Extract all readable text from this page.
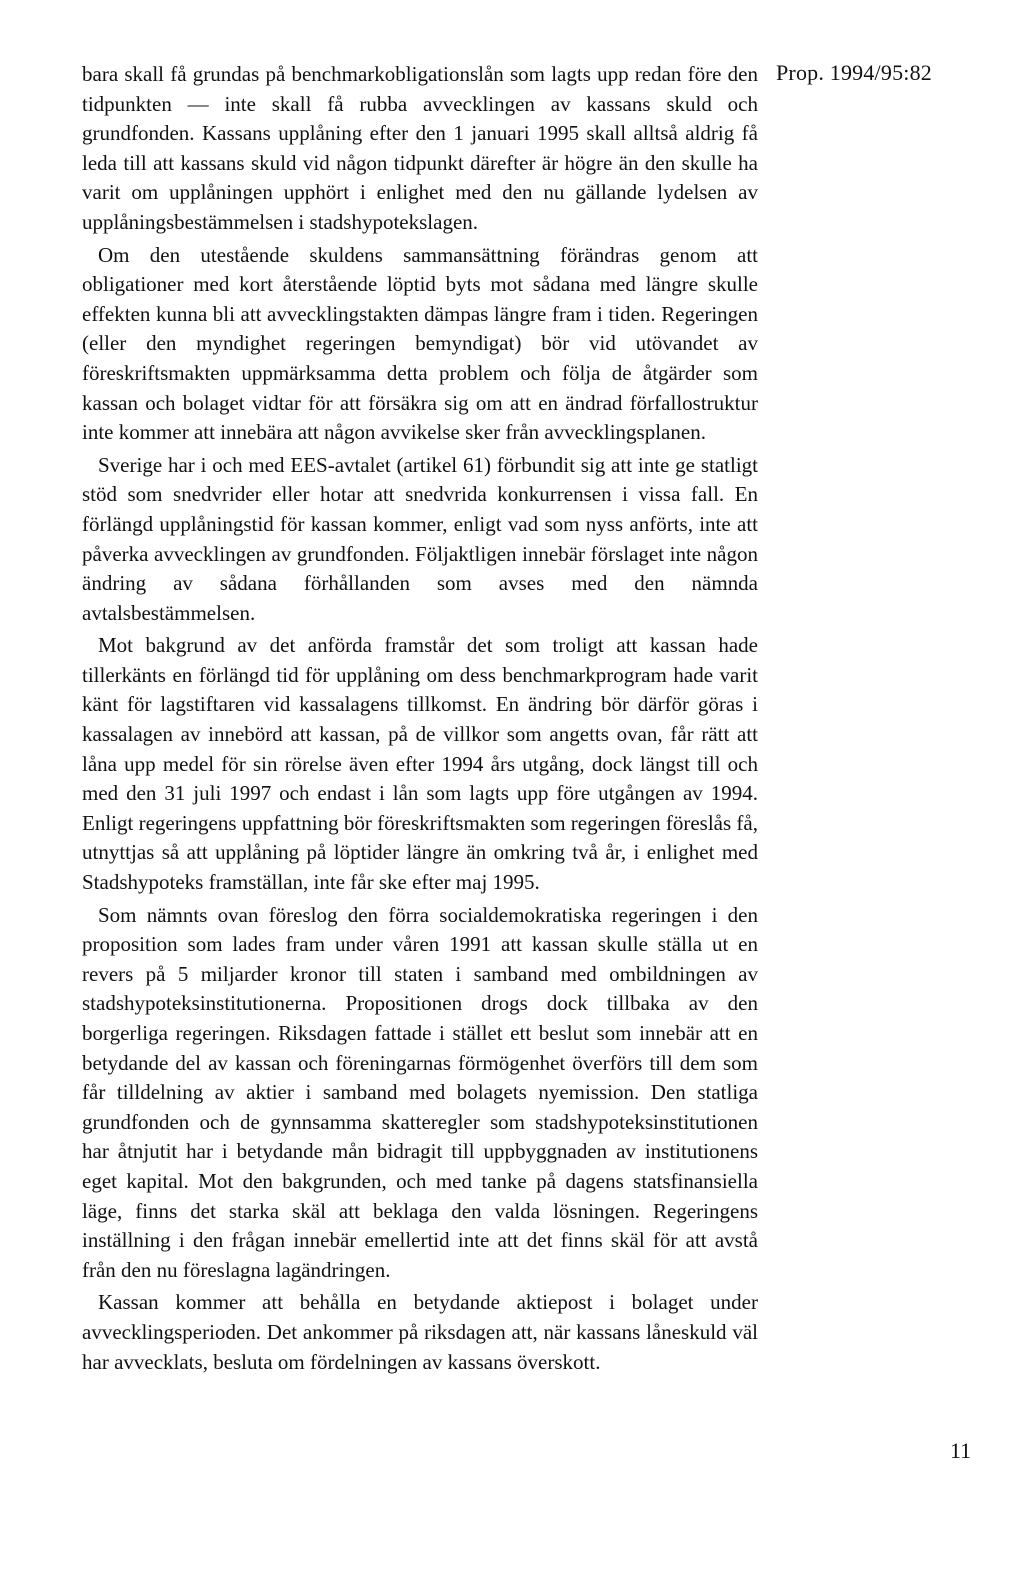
Prop. 1994/95:82

bara skall få grundas på benchmarkobligationslån som lagts upp redan före den tidpunkten — inte skall få rubba avvecklingen av kassans skuld och grundfonden. Kassans upplåning efter den 1 januari 1995 skall alltså aldrig få leda till att kassans skuld vid någon tidpunkt därefter är högre än den skulle ha varit om upplåningen upphört i enlighet med den nu gällande lydelsen av upplåningsbestämmelsen i stadshypotekslagen.

Om den utestående skuldens sammansättning förändras genom att obligationer med kort återstående löptid byts mot sådana med längre skulle effekten kunna bli att avvecklingstakten dämpas längre fram i tiden. Regeringen (eller den myndighet regeringen bemyndigat) bör vid utövandet av föreskriftsmakten uppmärksamma detta problem och följa de åtgärder som kassan och bolaget vidtar för att försäkra sig om att en ändrad förfallostruktur inte kommer att innebära att någon avvikelse sker från avvecklingsplanen.

Sverige har i och med EES-avtalet (artikel 61) förbundit sig att inte ge statligt stöd som snedvrider eller hotar att snedvrida konkurrensen i vissa fall. En förlängd upplåningstid för kassan kommer, enligt vad som nyss anförts, inte att påverka avvecklingen av grundfonden. Följaktligen innebär förslaget inte någon ändring av sådana förhållanden som avses med den nämnda avtalsbestämmelsen.

Mot bakgrund av det anförda framstår det som troligt att kassan hade tillerkänts en förlängd tid för upplåning om dess benchmarkprogram hade varit känt för lagstiftaren vid kassalagens tillkomst. En ändring bör därför göras i kassalagen av innebörd att kassan, på de villkor som angetts ovan, får rätt att låna upp medel för sin rörelse även efter 1994 års utgång, dock längst till och med den 31 juli 1997 och endast i lån som lagts upp före utgången av 1994. Enligt regeringens uppfattning bör föreskriftsmakten som regeringen föreslås få, utnyttjas så att upplåning på löptider längre än omkring två år, i enlighet med Stadshypoteks framställan, inte får ske efter maj 1995.

Som nämnts ovan föreslog den förra socialdemokratiska regeringen i den proposition som lades fram under våren 1991 att kassan skulle ställa ut en revers på 5 miljarder kronor till staten i samband med ombildningen av stadshypoteksinstitutionerna. Propositionen drogs dock tillbaka av den borgerliga regeringen. Riksdagen fattade i stället ett beslut som innebär att en betydande del av kassan och föreningarnas förmögenhet överförs till dem som får tilldelning av aktier i samband med bolagets nyemission. Den statliga grundfonden och de gynnsamma skatteregler som stadshypoteksinstitutionen har åtnjutit har i betydande mån bidragit till uppbyggnaden av institutionens eget kapital. Mot den bakgrunden, och med tanke på dagens statsfinansiella läge, finns det starka skäl att beklaga den valda lösningen. Regeringens inställning i den frågan innebär emellertid inte att det finns skäl för att avstå från den nu föreslagna lagändringen.

Kassan kommer att behålla en betydande aktiepost i bolaget under avvecklingsperioden. Det ankommer på riksdagen att, när kassans låneskuld väl har avvecklats, besluta om fördelningen av kassans överskott.

11
